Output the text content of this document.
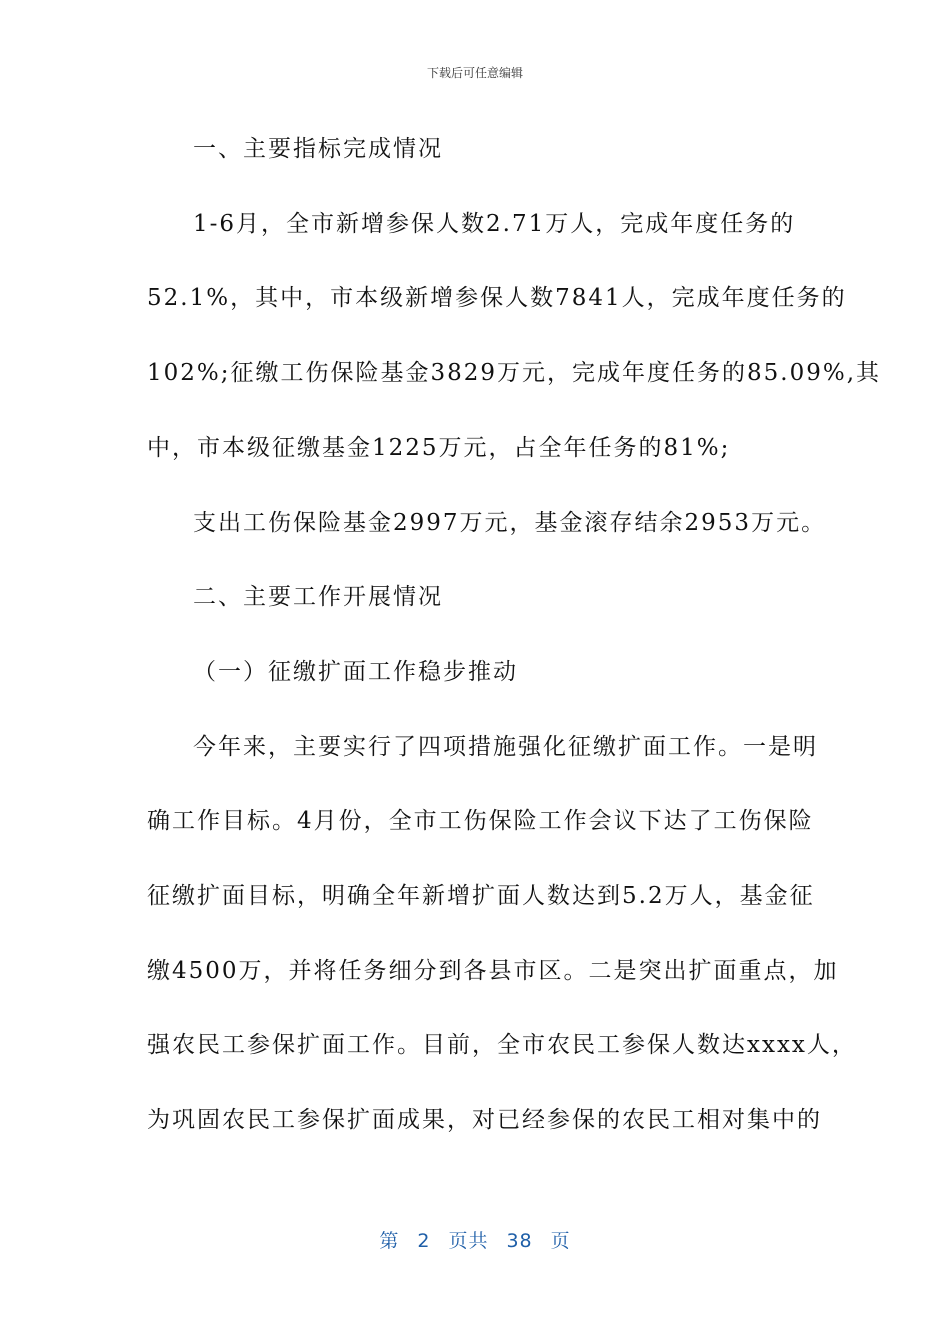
下载后可任意编辑

一、主要指标完成情况

1-6月，全市新增参保人数2.71万人，完成年度任务的

52.1%，其中，市本级新增参保人数7841人，完成年度任务的

102%;征缴工伤保险基金3829万元，完成年度任务的85.09%,其

中，市本级征缴基金1225万元，占全年任务的81%;

支出工伤保险基金2997万元，基金滚存结余2953万元。

二、主要工作开展情况

（一）征缴扩面工作稳步推动

今年来，主要实行了四项措施强化征缴扩面工作。一是明

确工作目标。4月份，全市工伤保险工作会议下达了工伤保险

征缴扩面目标，明确全年新增扩面人数达到5.2万人，基金征

缴4500万，并将任务细分到各县市区。二是突出扩面重点，加

强农民工参保扩面工作。目前，全市农民工参保人数达xxxx人，

为巩固农民工参保扩面成果，对已经参保的农民工相对集中的

第 2 页共 38 页
